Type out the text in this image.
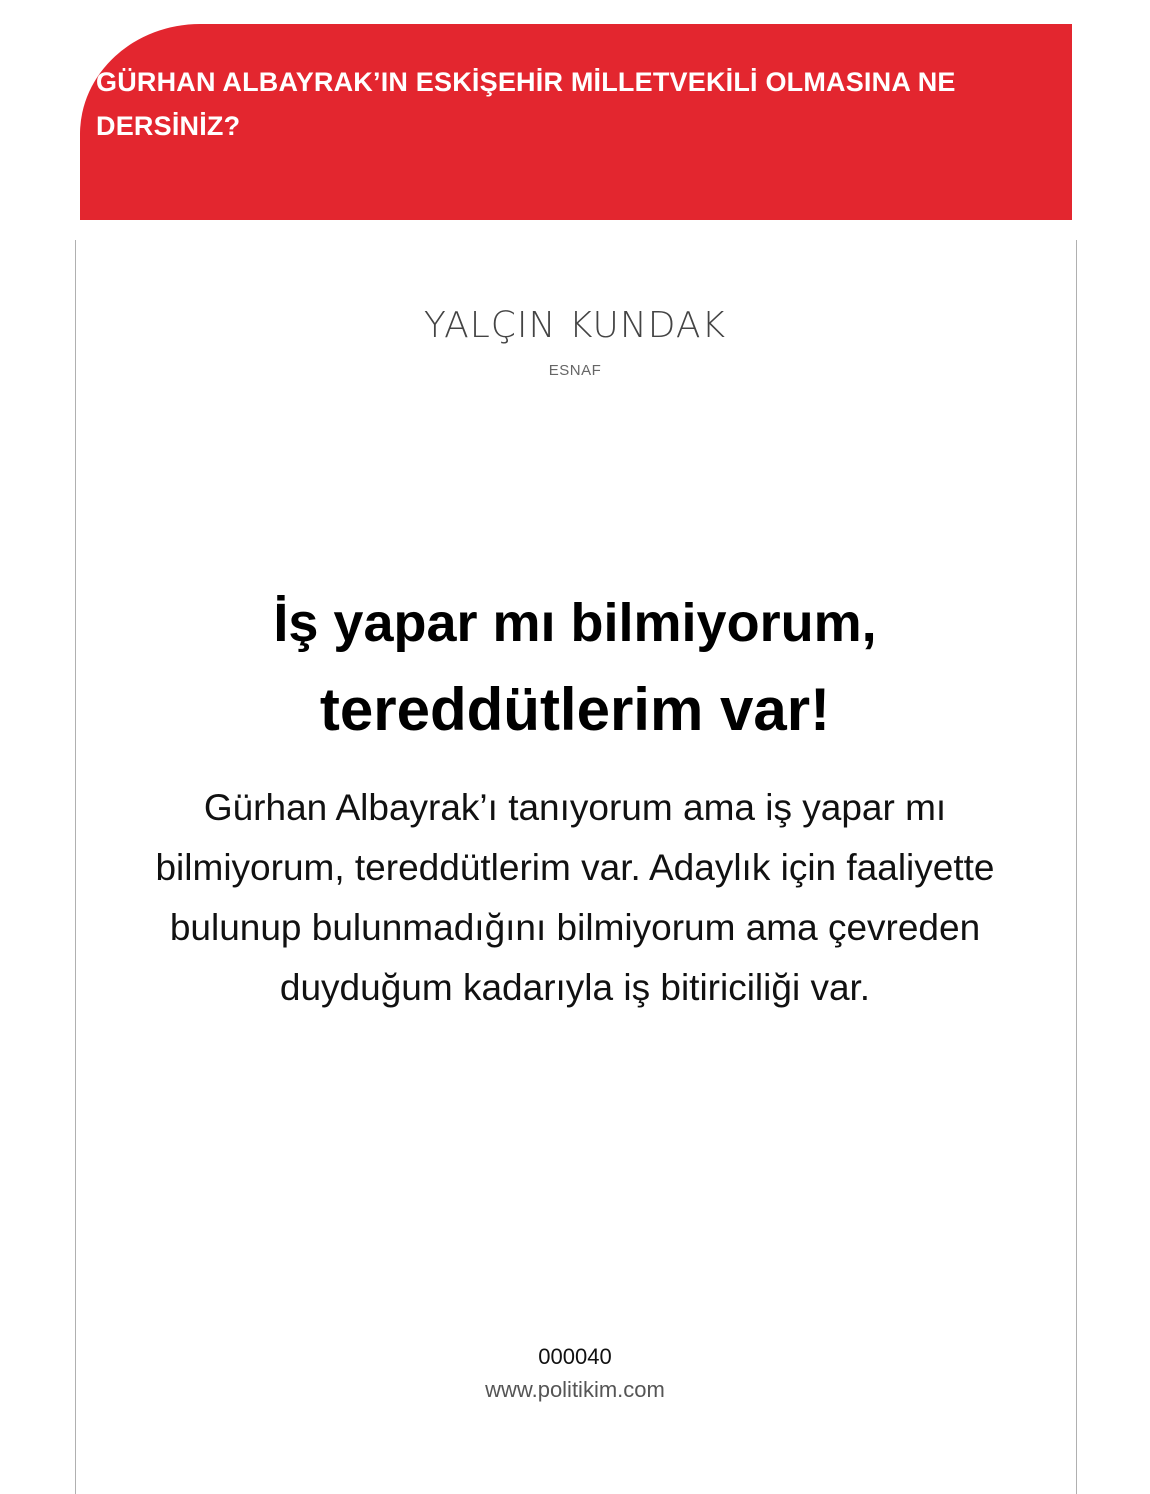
GÜRHAN ALBAYRAK’IN ESKİŞEHİR MİLLETVEKİLİ OLMASINA NE DERSİNİZ?

YALÇIN KUNDAK

ESNAF

İş yapar mı bilmiyorum,

tereddütlerim var!

Gürhan Albayrak’ı tanıyorum ama iş yapar mı bilmiyorum, tereddütlerim var. Adaylık için faaliyette bulunup bulunmadığını bilmiyorum ama çevreden duyduğum kadarıyla iş bitiriciliği var.

000040

www.politikim.com
